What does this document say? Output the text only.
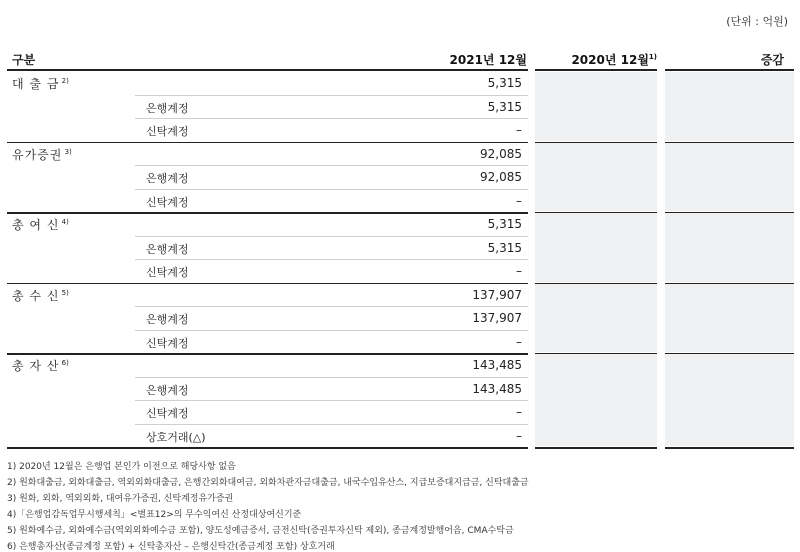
(단위 : 억원)
구분	2021년 12월	2020년 12월$^{1)}$	증감
대 출 금 $^{2)}$	5,315
은행계정	5,315
신탁계정	–
유가증권 $^{3)}$	92,085
은행계정	92,085
신탁계정	–
총 여 신 $^{4)}$	5,315
은행계정	5,315
신탁계정	–
총 수 신 $^{5)}$	137,907
은행계정	137,907
신탁계정	–
총 자 산 $^{6)}$	143,485
은행계정	143,485
신탁계정	–
상호거래(△)	–
1) 2020년 12월은 은행업 본인가 이전으로 해당사항 없음
2) 원화대출금, 외화대출금, 역외외화대출금, 은행간외화대여금, 외화차관자금대출금, 내국수입유산스, 지급보증대지급금, 신탁대출금
3) 원화, 외화, 역외외화, 대여유가증권, 신탁계정유가증권
4)「은행업감독업무시행세칙」<별표12>의 무수익여신 산정대상여신기준
5) 원화예수금, 외화예수금(역외외화예수금 포함), 양도성예금증서, 금전신탁(증권투자신탁 제외), 종금계정발행어음, CMA수탁금
6) 은행총자산(종금계정 포함) + 신탁총자산 – 은행신탁간(종금계정 포함) 상호거래
